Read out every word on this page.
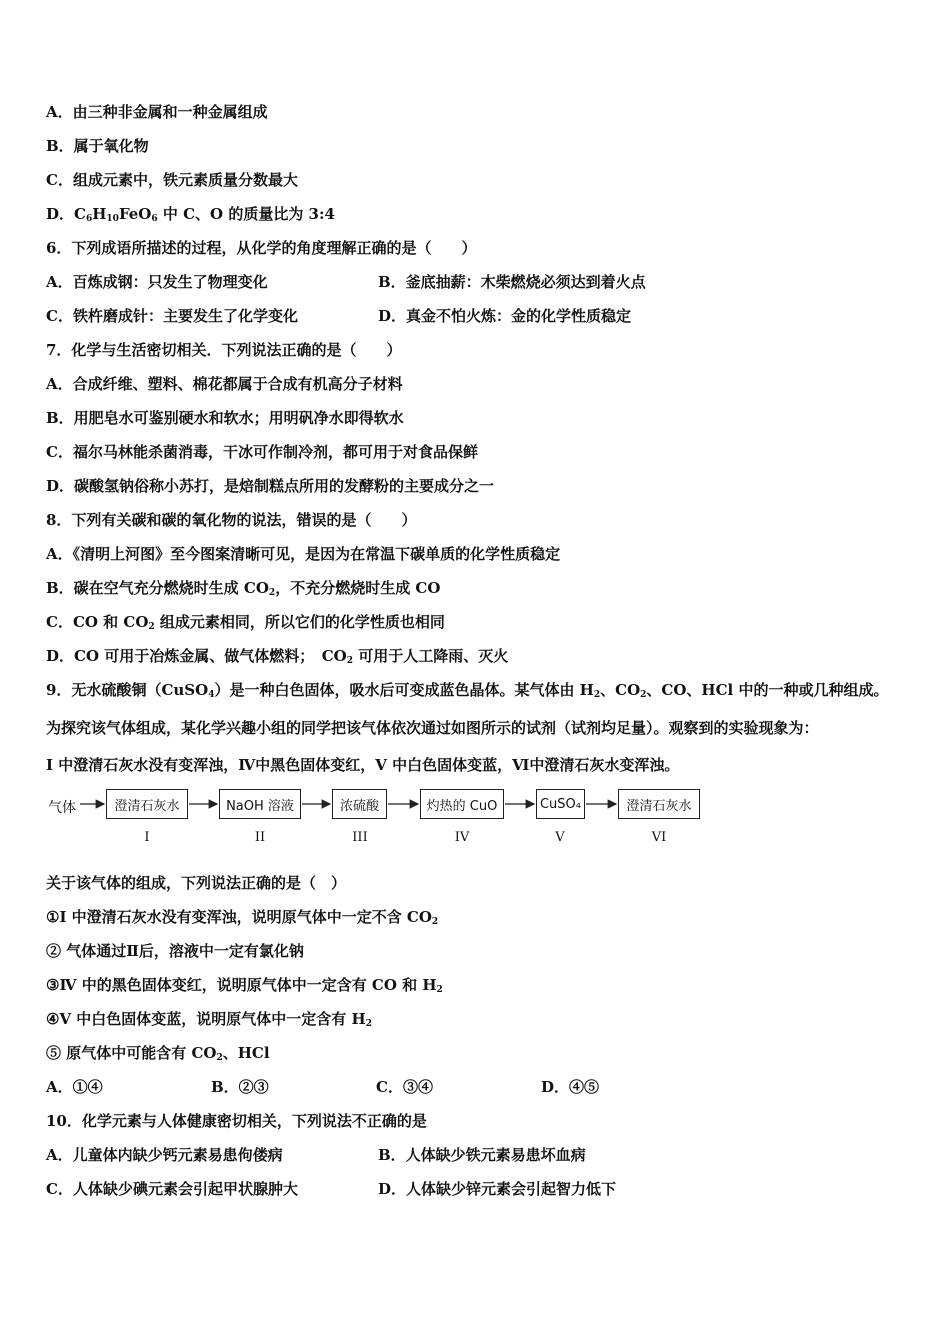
A．由三种非金属和一种金属组成
B．属于氧化物
C．组成元素中，铁元素质量分数最大
D．$C_6H_{10}FeO_6$ 中 C、O 的质量比为 3:4
6．下列成语所描述的过程，从化学的角度理解正确的是（　　）
A．百炼成钢：只发生了物理变化	B．釜底抽薪：木柴燃烧必须达到着火点
C．铁杵磨成针：主要发生了化学变化	D．真金不怕火炼：金的化学性质稳定
7．化学与生活密切相关．下列说法正确的是（　　）
A．合成纤维、塑料、棉花都属于合成有机高分子材料
B．用肥皂水可鉴别硬水和软水；用明矾净水即得软水
C．福尔马林能杀菌消毒，干冰可作制冷剂，都可用于对食品保鲜
D．碳酸氢钠俗称小苏打，是焙制糕点所用的发酵粉的主要成分之一
8．下列有关碳和碳的氧化物的说法，错误的是（　　）
A．《清明上河图》至今图案清晰可见，是因为在常温下碳单质的化学性质稳定
B．碳在空气充分燃烧时生成 $CO_2$，不充分燃烧时生成 CO
C．CO 和 $CO_2$ 组成元素相同，所以它们的化学性质也相同
D．CO 可用于冶炼金属、做气体燃料；　$CO_2$ 可用于人工降雨、灭火
9．无水硫酸铜（CuSO$_4$）是一种白色固体，吸水后可变成蓝色晶体。某气体由 $H_2$、$CO_2$、CO、HCl 中的一种或几种组成。
为探究该气体组成，某化学兴趣小组的同学把该气体依次通过如图所示的试剂（试剂均足量）。观察到的实验现象为：
I 中澄清石灰水没有变浑浊，Ⅳ中黑色固体变红，V 中白色固体变蓝，Ⅵ中澄清石灰水变浑浊。
气体	澄清石灰水	NaOH 溶液	浓硫酸	灼热的 CuO	CuSO₄	澄清石灰水
I	II	III	IV	V	VI
关于该气体的组成，下列说法正确的是（　）
①I 中澄清石灰水没有变浑浊，说明原气体中一定不含 $CO_2$
② 气体通过Ⅱ后，溶液中一定有氯化钠
③Ⅳ 中的黑色固体变红，说明原气体中一定含有 CO 和 $H_2$
④V 中白色固体变蓝，说明原气体中一定含有 $H_2$
⑤ 原气体中可能含有 $CO_2$、HCl
A．①④	B．②③	C．③④	D．④⑤
10．化学元素与人体健康密切相关，下列说法不正确的是
A．儿童体内缺少钙元素易患佝偻病	B．人体缺少铁元素易患坏血病
C．人体缺少碘元素会引起甲状腺肿大	D．人体缺少锌元素会引起智力低下
